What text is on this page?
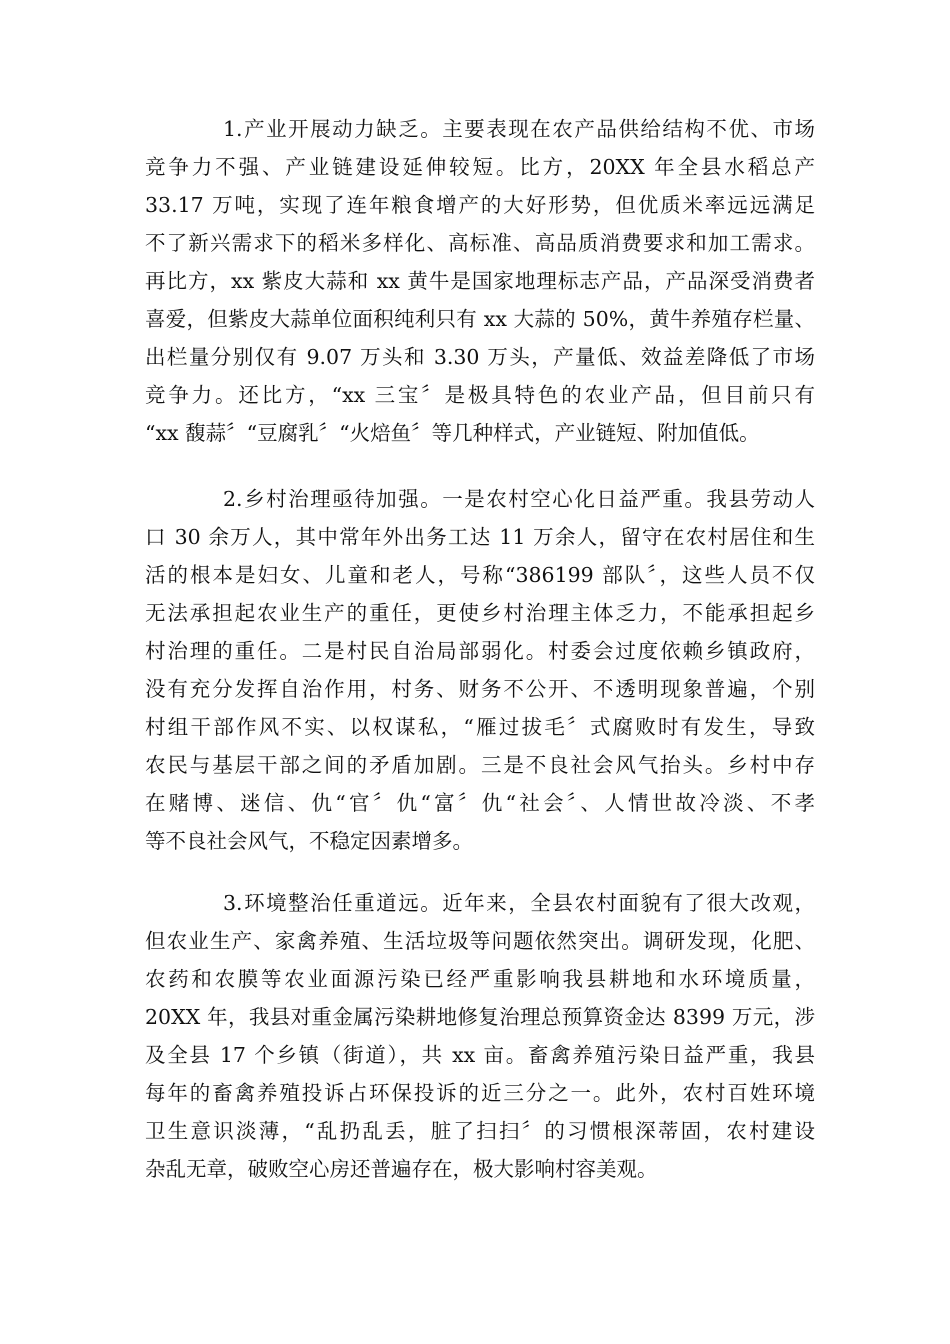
1.产业开展动力缺乏。主要表现在农产品供给结构不优、市场
竞争力不强、产业链建设延伸较短。比方，20XX 年全县水稻总产
33.17 万吨，实现了连年粮食增产的大好形势，但优质米率远远满足
不了新兴需求下的稻米多样化、高标准、高品质消费要求和加工需求。
再比方，xx 紫皮大蒜和 xx 黄牛是国家地理标志产品，产品深受消费者
喜爱，但紫皮大蒜单位面积纯利只有 xx 大蒜的 50%，黄牛养殖存栏量、
出栏量分别仅有 9.07 万头和 3.30 万头，产量低、效益差降低了市场
竞争力。还比方，“xx 三宝〞是极具特色的农业产品，但目前只有
“xx 馥蒜〞“豆腐乳〞“火焙鱼〞等几种样式，产业链短、附加值低。
2.乡村治理亟待加强。一是农村空心化日益严重。我县劳动人
口 30 余万人，其中常年外出务工达 11 万余人，留守在农村居住和生
活的根本是妇女、儿童和老人，号称“386199 部队〞，这些人员不仅
无法承担起农业生产的重任，更使乡村治理主体乏力，不能承担起乡
村治理的重任。二是村民自治局部弱化。村委会过度依赖乡镇政府，
没有充分发挥自治作用，村务、财务不公开、不透明现象普遍，个别
村组干部作风不实、以权谋私，“雁过拔毛〞式腐败时有发生，导致
农民与基层干部之间的矛盾加剧。三是不良社会风气抬头。乡村中存
在赌博、迷信、仇“官〞仇“富〞仇“社会〞、人情世故冷淡、不孝
等不良社会风气，不稳定因素增多。
3.环境整治任重道远。近年来，全县农村面貌有了很大改观，
但农业生产、家禽养殖、生活垃圾等问题依然突出。调研发现，化肥、
农药和农膜等农业面源污染已经严重影响我县耕地和水环境质量，
20XX 年，我县对重金属污染耕地修复治理总预算资金达 8399 万元，涉
及全县 17 个乡镇（街道），共 xx 亩。畜禽养殖污染日益严重，我县
每年的畜禽养殖投诉占环保投诉的近三分之一。此外，农村百姓环境
卫生意识淡薄，“乱扔乱丢，脏了扫扫〞的习惯根深蒂固，农村建设
杂乱无章，破败空心房还普遍存在，极大影响村容美观。
